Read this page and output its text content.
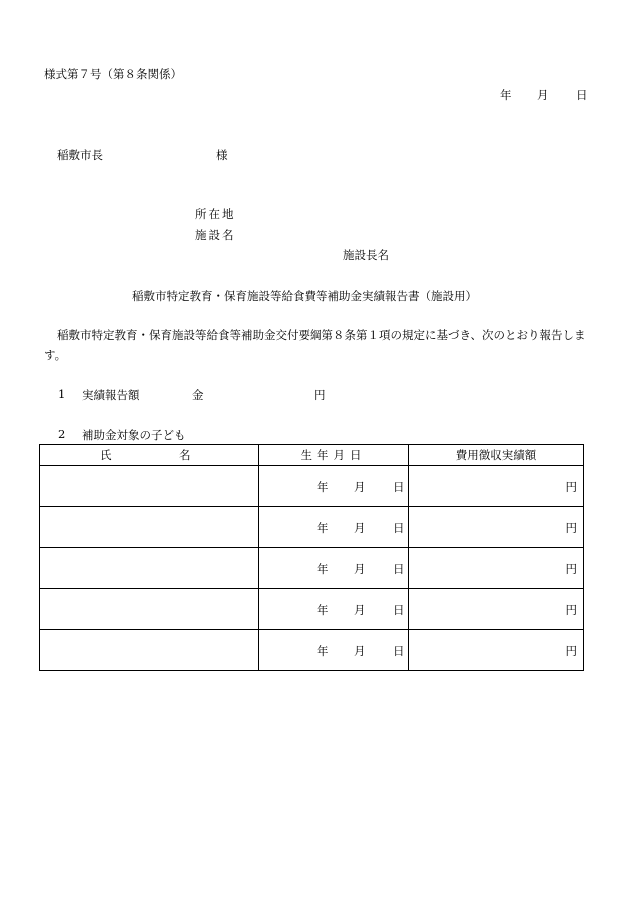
様式第７号（第８条関係）
年 月 日
稲敷市長	様
所在地
施設名
施設長名
稲敷市特定教育・保育施設等給食費等補助金実績報告書（施設用）
稲敷市特定教育・保育施設等給食等補助金交付要綱第８条第１項の規定に基づき、次のとおり報告します。
1 実績報告額	金	円
2 補助金対象の子ども
氏 名	生年月日	費用徴収実績額

	年 月 日	円

	年 月 日	円

	年 月 日	円

	年 月 日	円

	年 月 日	円
